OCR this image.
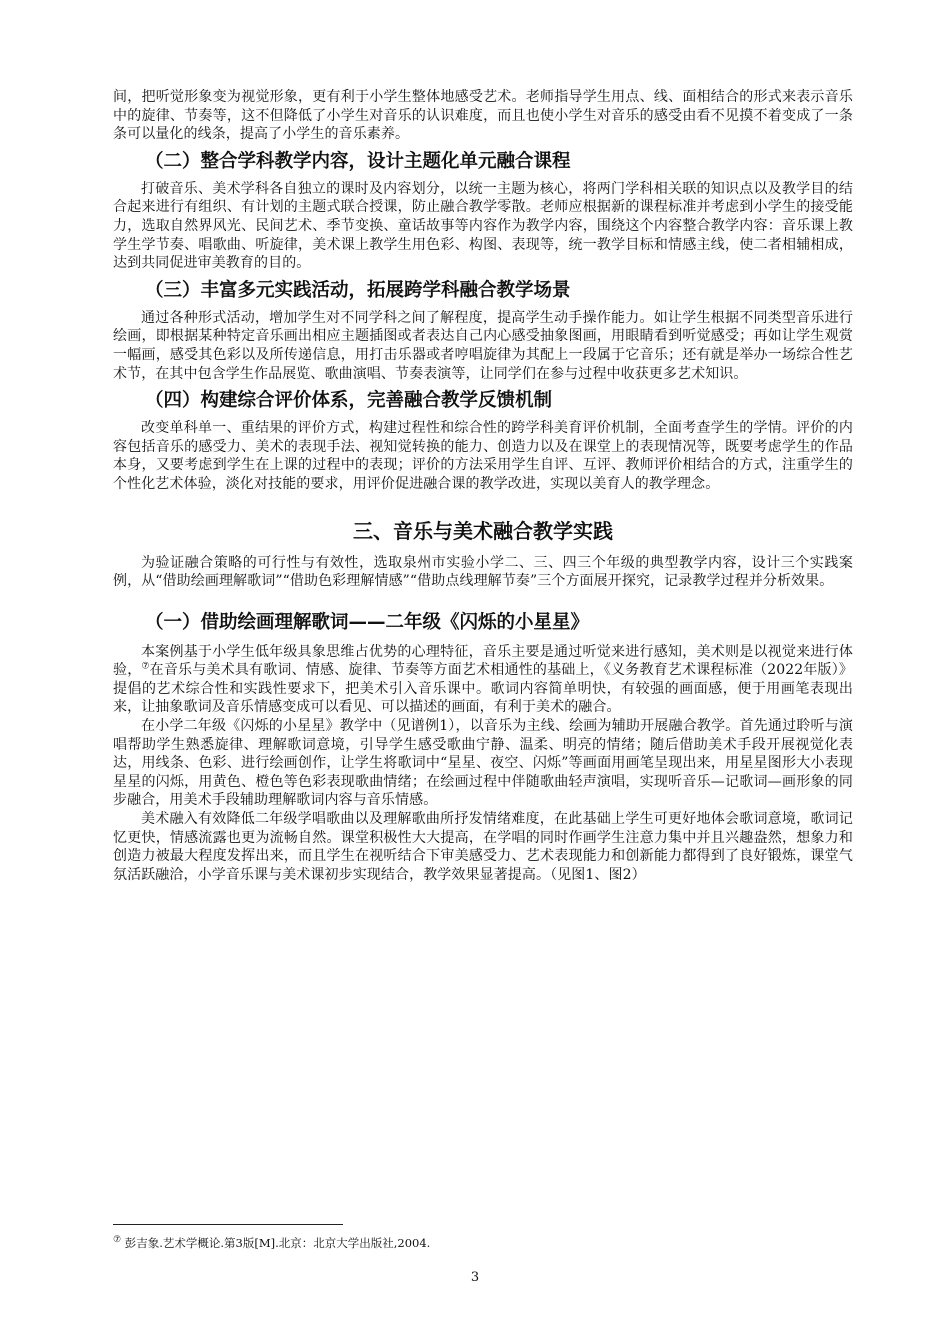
间，把听觉形象变为视觉形象，更有利于小学生整体地感受艺术。老师指导学生用点、线、面相结合的形式来表示音乐中的旋律、节奏等，这不但降低了小学生对音乐的认识难度，而且也使小学生对音乐的感受由看不见摸不着变成了一条条可以量化的线条，提高了小学生的音乐素养。

（二）整合学科教学内容，设计主题化单元融合课程

打破音乐、美术学科各自独立的课时及内容划分，以统一主题为核心，将两门学科相关联的知识点以及教学目的结合起来进行有组织、有计划的主题式联合授课，防止融合教学零散。老师应根据新的课程标准并考虑到小学生的接受能力，选取自然界风光、民间艺术、季节变换、童话故事等内容作为教学内容，围绕这个内容整合教学内容：音乐课上教学生学节奏、唱歌曲、听旋律，美术课上教学生用色彩、构图、表现等，统一教学目标和情感主线，使二者相辅相成，达到共同促进审美教育的目的。

（三）丰富多元实践活动，拓展跨学科融合教学场景

通过各种形式活动，增加学生对不同学科之间了解程度，提高学生动手操作能力。如让学生根据不同类型音乐进行绘画，即根据某种特定音乐画出相应主题插图或者表达自己内心感受抽象图画，用眼睛看到听觉感受；再如让学生观赏一幅画，感受其色彩以及所传递信息，用打击乐器或者哼唱旋律为其配上一段属于它音乐；还有就是举办一场综合性艺术节，在其中包含学生作品展览、歌曲演唱、节奏表演等，让同学们在参与过程中收获更多艺术知识。

（四）构建综合评价体系，完善融合教学反馈机制

改变单科单一、重结果的评价方式，构建过程性和综合性的跨学科美育评价机制，全面考查学生的学情。评价的内容包括音乐的感受力、美术的表现手法、视知觉转换的能力、创造力以及在课堂上的表现情况等，既要考虑学生的作品本身，又要考虑到学生在上课的过程中的表现；评价的方法采用学生自评、互评、教师评价相结合的方式，注重学生的个性化艺术体验，淡化对技能的要求，用评价促进融合课的教学改进，实现以美育人的教学理念。

三、音乐与美术融合教学实践

为验证融合策略的可行性与有效性，选取泉州市实验小学二、三、四三个年级的典型教学内容，设计三个实践案例，从“借助绘画理解歌词”“借助色彩理解情感”“借助点线理解节奏”三个方面展开探究，记录教学过程并分析效果。

（一）借助绘画理解歌词——二年级《闪烁的小星星》

本案例基于小学生低年级具象思维占优势的心理特征，音乐主要是通过听觉来进行感知，美术则是以视觉来进行体验，⑦在音乐与美术具有歌词、情感、旋律、节奏等方面艺术相通性的基础上，《义务教育艺术课程标准（2022年版）》提倡的艺术综合性和实践性要求下，把美术引入音乐课中。歌词内容简单明快，有较强的画面感，便于用画笔表现出来，让抽象歌词及音乐情感变成可以看见、可以描述的画面，有利于美术的融合。

在小学二年级《闪烁的小星星》教学中（见谱例1），以音乐为主线、绘画为辅助开展融合教学。首先通过聆听与演唱帮助学生熟悉旋律、理解歌词意境，引导学生感受歌曲宁静、温柔、明亮的情绪；随后借助美术手段开展视觉化表达，用线条、色彩、进行绘画创作，让学生将歌词中“星星、夜空、闪烁”等画面用画笔呈现出来，用星星图形大小表现星星的闪烁，用黄色、橙色等色彩表现歌曲情绪；在绘画过程中伴随歌曲轻声演唱，实现听音乐—记歌词—画形象的同步融合，用美术手段辅助理解歌词内容与音乐情感。

美术融入有效降低二年级学唱歌曲以及理解歌曲所抒发情绪难度，在此基础上学生可更好地体会歌词意境，歌词记忆更快，情感流露也更为流畅自然。课堂积极性大大提高，在学唱的同时作画学生注意力集中并且兴趣盎然，想象力和创造力被最大程度发挥出来，而且学生在视听结合下审美感受力、艺术表现能力和创新能力都得到了良好锻炼，课堂气氛活跃融洽，小学音乐课与美术课初步实现结合，教学效果显著提高。（见图1、图2）

⑦ 彭吉象.艺术学概论.第3版[M].北京：北京大学出版社,2004.
3
